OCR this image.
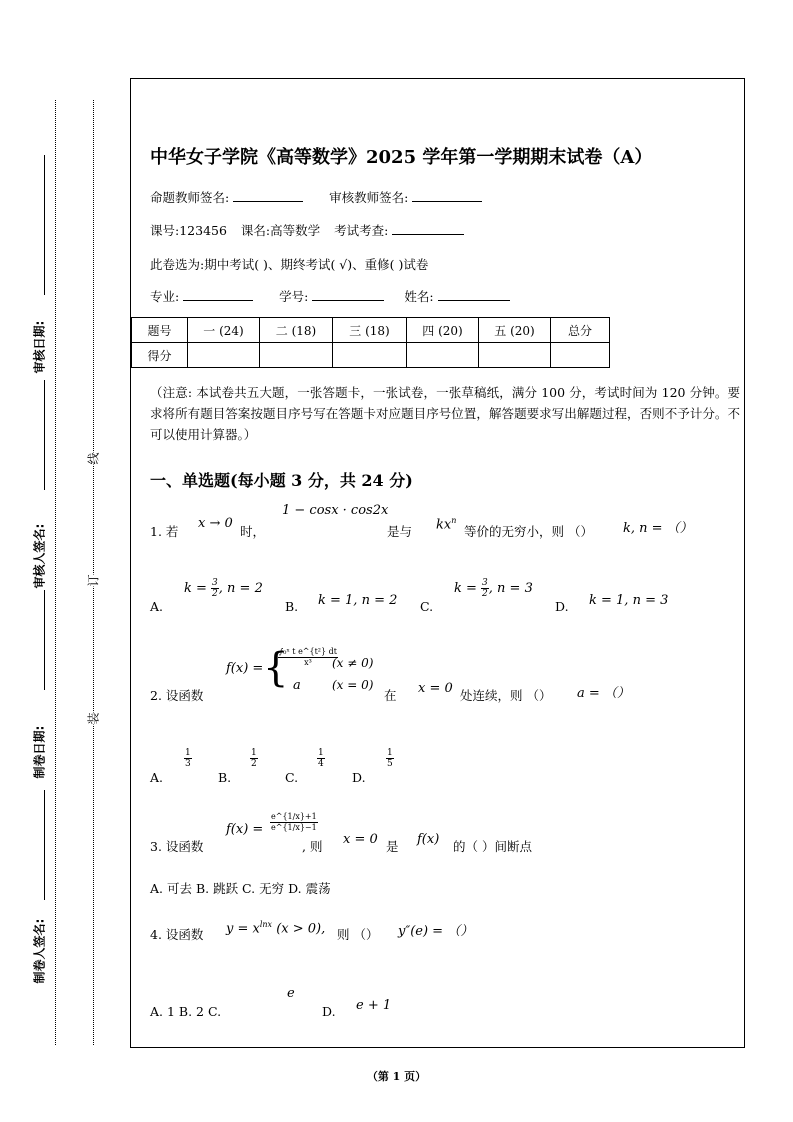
审核日期:
审核人签名:
制卷日期:
制卷人签名:
线
订
装
中华女子学院《高等数学》2025 学年第一学期期末试卷（A）
命题教师签名:	审核教师签名:
课号:123456 课名:高等数学 考试考查:
此卷选为:期中考试( )、期终考试( √)、重修( )试卷
专业:	学号:	姓名:
题号	一 (24)	二 (18)	三 (18)	四 (20)	五 (20)	总分
得分						
（注意: 本试卷共五大题，一张答题卡，一张试卷，一张草稿纸，满分 100 分，考试时间为 120 分钟。要求将所有题目答案按题目序号写在答题卡对应题目序号位置，解答题要求写出解题过程，否则不予计分。不可以使用计算器。）
一、单选题(每小题 3 分，共 24 分)
1. 若
x → 0
时，
1 − cosx · cos2x
是与 $kx^n$
等价的无穷小，则 （） k, n = （）
A.
$k = \frac{3}{2}$ , n = 2
B. k = 1, n = 2 C.
$k = \frac{3}{2}$ , n = 3
D. k = 1, n = 3
2. 设函数
f(x) = {
$\frac{\text{∫₀ˣ t e\textasciicircum{}\{t²\} dt}}{\text{x³}}$
(x ≠ 0)
a	(x = 0)
在 x = 0 处连续，则 （） a = （）
A.
$\frac{1}{3}$
B.
$\frac{1}{2}$
C.
$\frac{1}{4}$
D.
$\frac{1}{5}$
3. 设函数
$f(x) = \frac{e\^{}\{1/x\}+1}{e\^{}\{1/x\}-1}$
, 则 x = 0 是 f(x) 的（ ）间断点
A. 可去 B. 跳跃 C. 无穷 D. 震荡
4. 设函数 $y = x^{lnx}$ (x > 0), 则 （） y″(e) = （）
A. 1 B. 2 C.
e
D. e + 1
（第 1 页）
